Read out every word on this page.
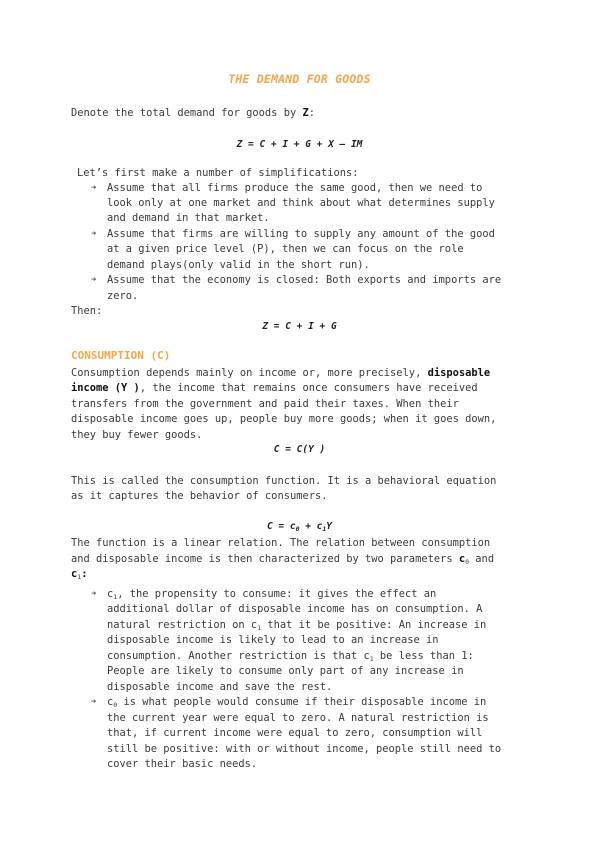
THE DEMAND FOR GOODS
Denote the total demand for goods by Z:
Z = C + I + G + X – IM
Let’s first make a number of simplifications:
➔ Assume that all firms produce the same good, then we need to
look only at one market and think about what determines supply
and demand in that market.
➔ Assume that firms are willing to supply any amount of the good
at a given price level (P), then we can focus on the role
demand plays(only valid in the short run).
➔ Assume that the economy is closed: Both exports and imports are
zero.
Then:
Z = C + I + G
CONSUMPTION (C)
Consumption depends mainly on income or, more precisely, disposable
income (Y ), the income that remains once consumers have received
transfers from the government and paid their taxes. When their
disposable income goes up, people buy more goods; when it goes down,
they buy fewer goods.
C = C(Y )
This is called the consumption function. It is a behavioral equation
as it captures the behavior of consumers.
$C = c_0 + c_1Y$
The function is a linear relation. The relation between consumption
and disposable income is then characterized by two parameters c0 and
c1:
➔ c1, the propensity to consume: it gives the effect an
additional dollar of disposable income has on consumption. A
natural restriction on c1 that it be positive: An increase in
disposable income is likely to lead to an increase in
consumption. Another restriction is that c1 be less than 1:
People are likely to consume only part of any increase in
disposable income and save the rest.
➔ c0 is what people would consume if their disposable income in
the current year were equal to zero. A natural restriction is
that, if current income were equal to zero, consumption will
still be positive: with or without income, people still need to
cover their basic needs.
